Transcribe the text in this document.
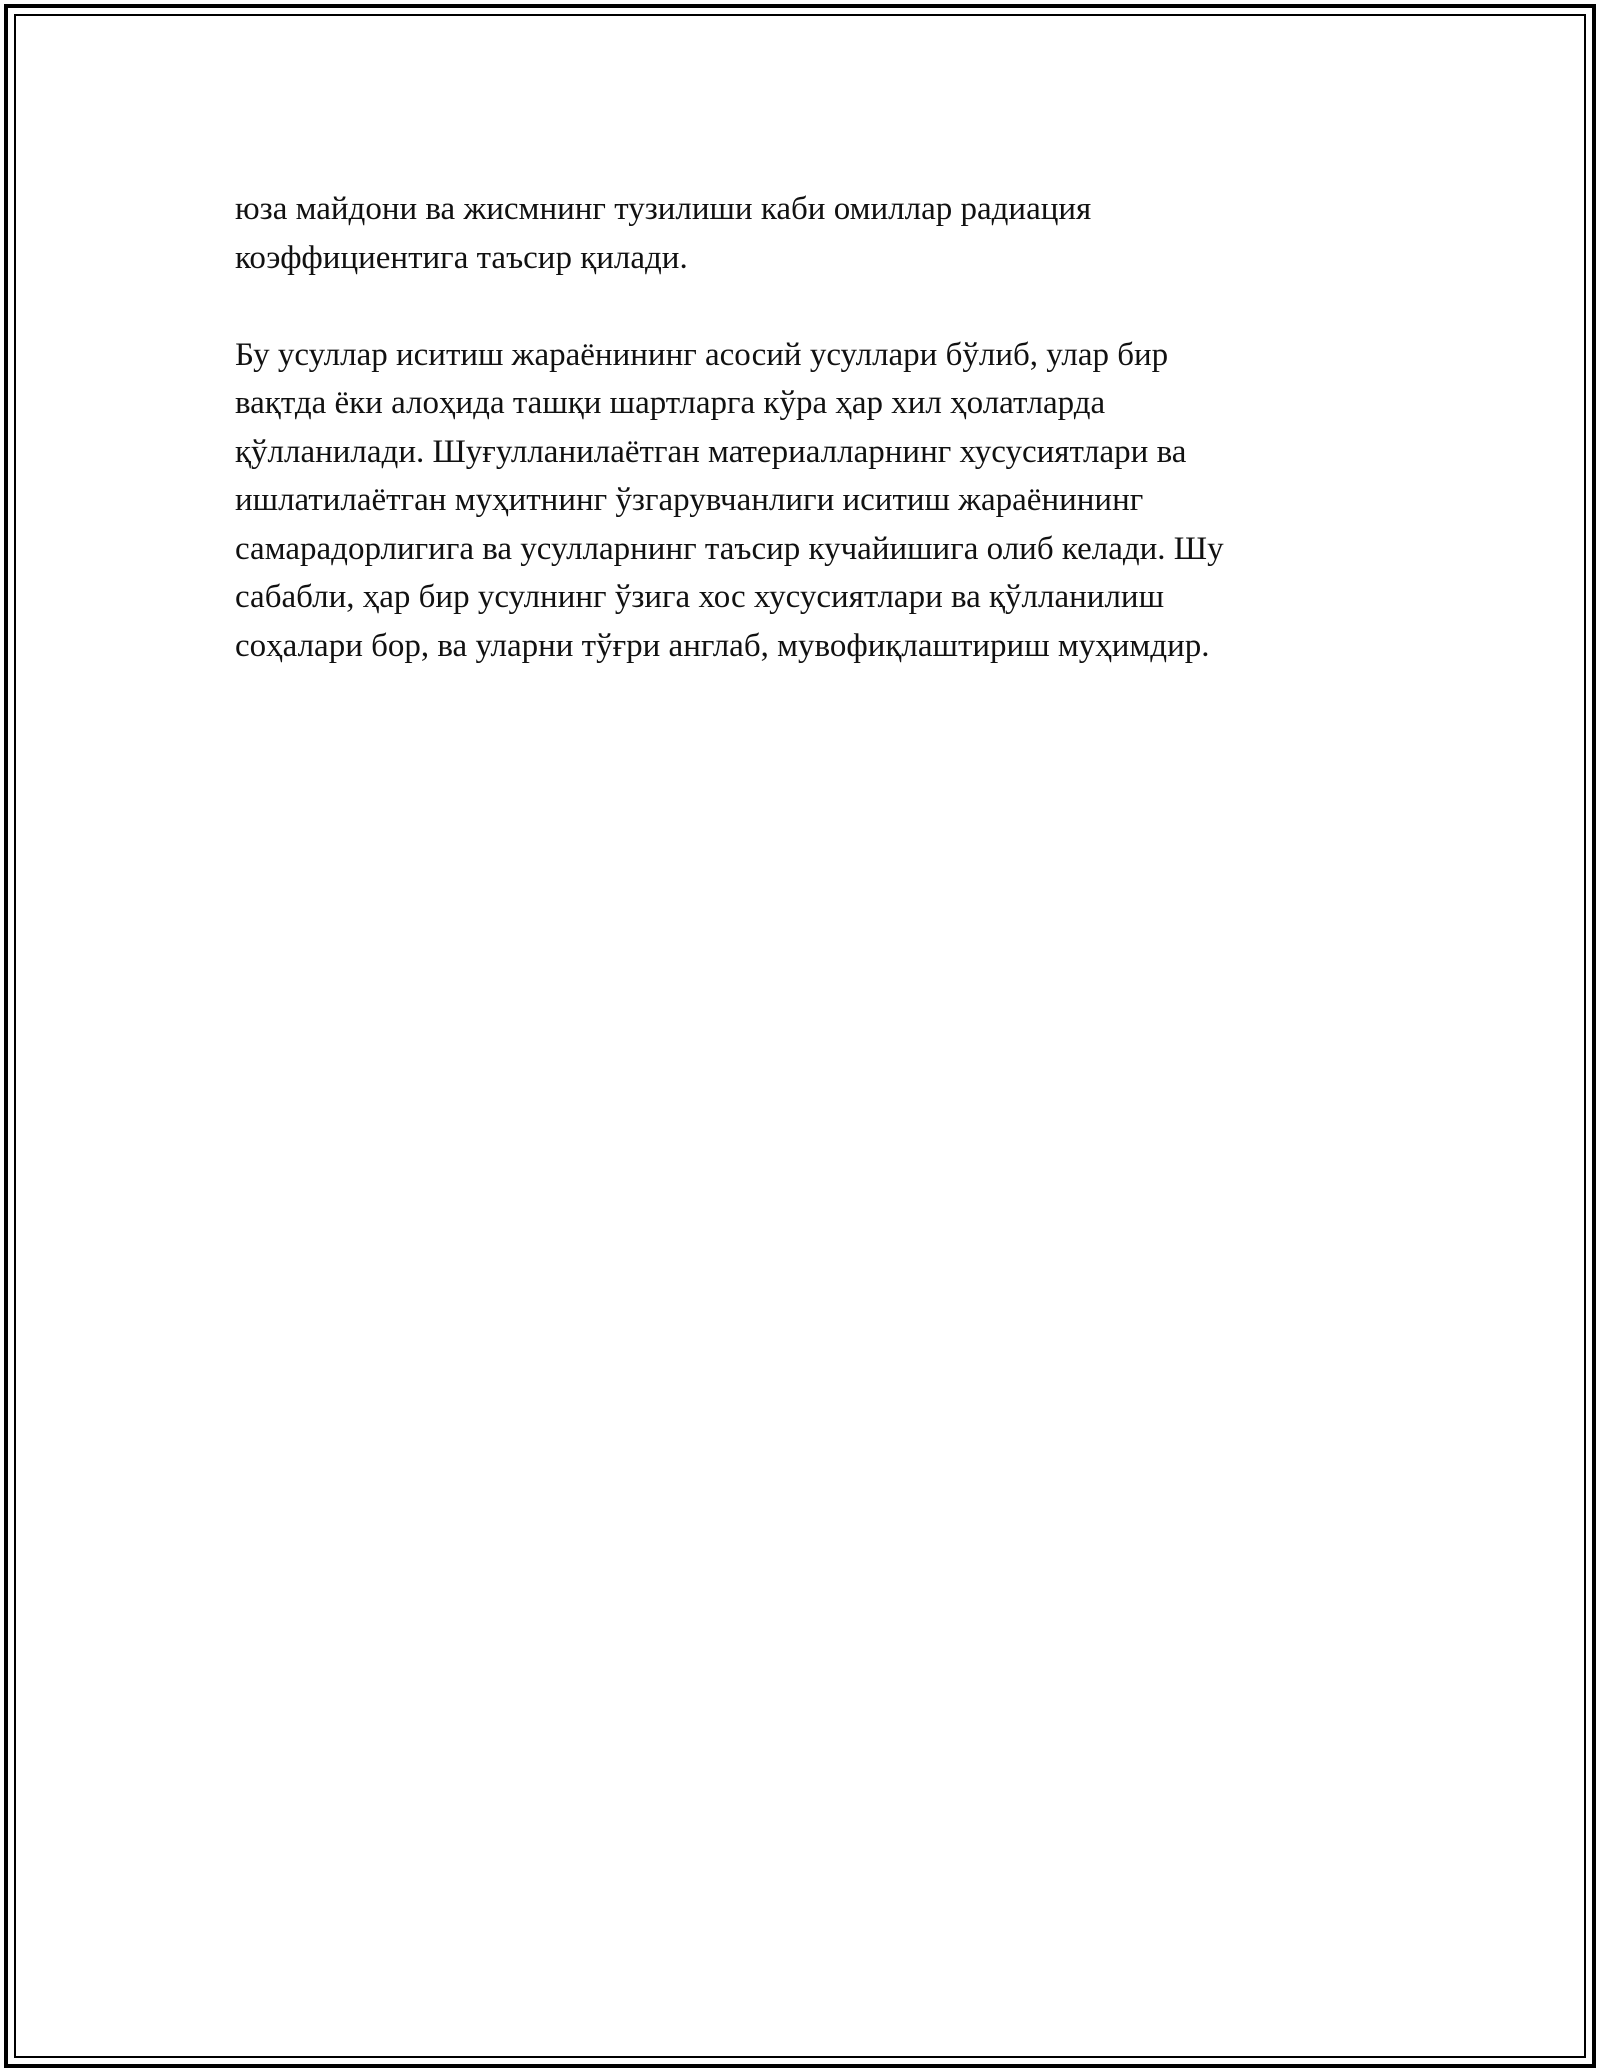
юза майдони ва жисмнинг тузилиши каби омиллар радиация
коэффициентига таъсир қилади.

Бу усуллар иситиш жараёнининг асосий усуллари бўлиб, улар бир
вақтда ёки алоҳида ташқи шартларга кўра ҳар хил ҳолатларда
қўлланилади. Шуғулланилаётган материалларнинг хусусиятлари ва
ишлатилаётган муҳитнинг ўзгарувчанлиги иситиш жараёнининг
самарадорлигига ва усулларнинг таъсир кучайишига олиб келади. Шу
сабабли, ҳар бир усулнинг ўзига хос хусусиятлари ва қўлланилиш
соҳалари бор, ва уларни тўғри англаб, мувофиқлаштириш муҳимдир.
